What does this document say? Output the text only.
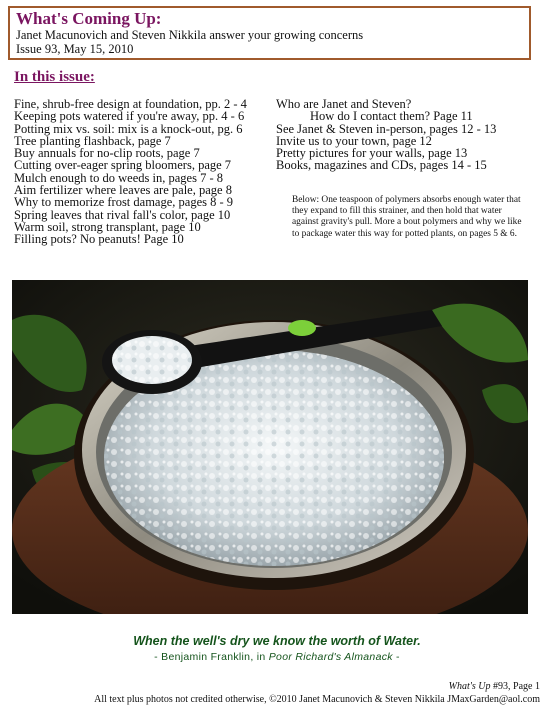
What's Coming Up:
Janet Macunovich and Steven Nikkila answer your growing concerns
Issue 93, May 15, 2010
In this issue:
Fine, shrub-free design at foundation, pp. 2 - 4
Keeping pots watered if you're away, pp. 4 - 6
Potting mix vs. soil: mix is a knock-out, pg. 6
Tree planting flashback, page 7
Buy annuals for no-clip roots, page 7
Cutting over-eager spring bloomers, page 7
Mulch enough to do weeds in, pages 7 - 8
Aim fertilizer where leaves are pale, page 8
Why to memorize frost damage, pages 8 - 9
Spring leaves that rival fall's color, page 10
Warm soil, strong transplant, page 10
Filling pots? No peanuts! Page 10
Who are Janet and Steven?
How do I contact them? Page 11
See Janet & Steven in-person, pages 12 - 13
Invite us to your town, page 12
Pretty pictures for your walls, page 13
Books, magazines and CDs, pages 14 - 15
Below: One teaspoon of polymers absorbs enough water that they expand to fill this strainer, and then hold that water against gravity's pull. More a bout polymers and why we like to package water this way for potted plants, on pages 5 & 6.
When the well's dry we know the worth of Water.
- Benjamin Franklin, in Poor Richard's Almanack -
What's Up #93, Page 1
All text plus photos not credited otherwise, ©2010 Janet Macunovich & Steven Nikkila JMaxGarden@aol.com
